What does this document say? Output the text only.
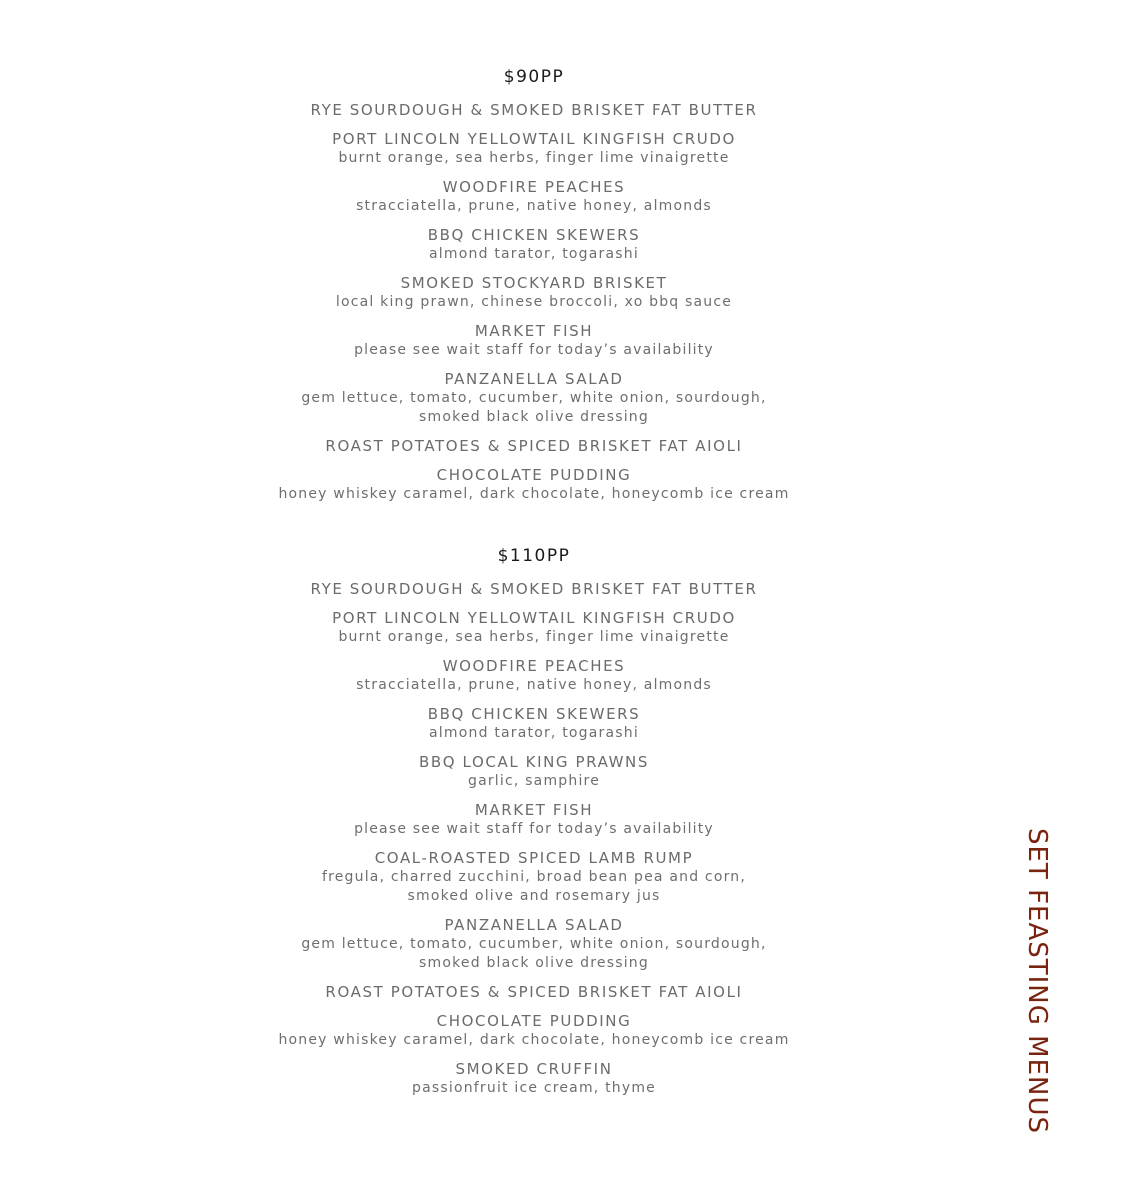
$90PP
RYE SOURDOUGH & SMOKED BRISKET FAT BUTTER
PORT LINCOLN YELLOWTAIL KINGFISH CRUDO
burnt orange, sea herbs, finger lime vinaigrette
WOODFIRE PEACHES
stracciatella, prune, native honey, almonds
BBQ CHICKEN SKEWERS
almond tarator, togarashi
SMOKED STOCKYARD BRISKET
local king prawn, chinese broccoli, xo bbq sauce
MARKET FISH
please see wait staff for today’s availability
PANZANELLA SALAD
gem lettuce, tomato, cucumber, white onion, sourdough,
smoked black olive dressing
ROAST POTATOES & SPICED BRISKET FAT AIOLI
CHOCOLATE PUDDING
honey whiskey caramel, dark chocolate, honeycomb ice cream
$110PP
RYE SOURDOUGH & SMOKED BRISKET FAT BUTTER
PORT LINCOLN YELLOWTAIL KINGFISH CRUDO
burnt orange, sea herbs, finger lime vinaigrette
WOODFIRE PEACHES
stracciatella, prune, native honey, almonds
BBQ CHICKEN SKEWERS
almond tarator, togarashi
BBQ LOCAL KING PRAWNS
garlic, samphire
MARKET FISH
please see wait staff for today’s availability
COAL-ROASTED SPICED LAMB RUMP
fregula, charred zucchini, broad bean pea and corn,
smoked olive and rosemary jus
PANZANELLA SALAD
gem lettuce, tomato, cucumber, white onion, sourdough,
smoked black olive dressing
ROAST POTATOES & SPICED BRISKET FAT AIOLI
CHOCOLATE PUDDING
honey whiskey caramel, dark chocolate, honeycomb ice cream
SMOKED CRUFFIN
passionfruit ice cream, thyme	SET FEASTING MENUS
